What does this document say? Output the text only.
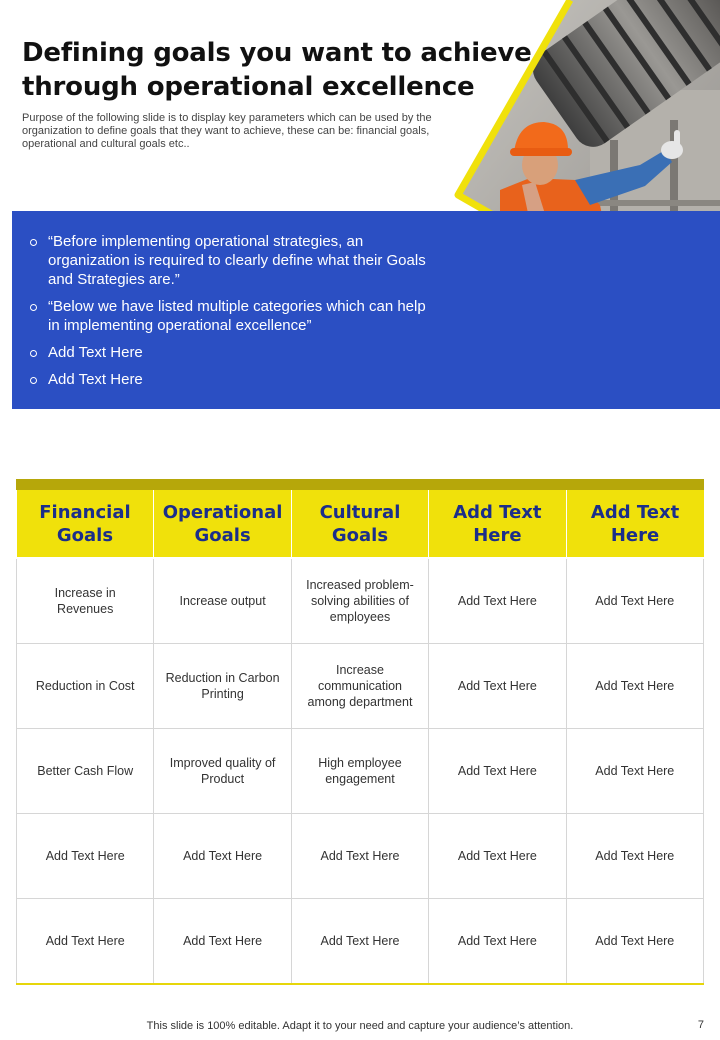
Defining goals you want to achieve through operational excellence

Purpose of the following slide is to display key parameters which can be used by the organization to define goals that they want to achieve, these can be: financial goals, operational and cultural goals etc..

“Before implementing operational strategies, an organization is required to clearly define what their Goals and Strategies are.”
“Below we have listed multiple categories which can help in implementing operational excellence”
Add Text Here
Add Text Here
Financial Goals	Operational Goals	Cultural Goals	Add Text Here	Add Text Here
Increase in Revenues	Increase output	Increased problem-solving abilities of employees	Add Text Here	Add Text Here
Reduction in Cost	Reduction in Carbon Printing	Increase communication among department	Add Text Here	Add Text Here
Better Cash Flow	Improved quality of Product	High employee engagement	Add Text Here	Add Text Here
Add Text Here	Add Text Here	Add Text Here	Add Text Here	Add Text Here
Add Text Here	Add Text Here	Add Text Here	Add Text Here	Add Text Here
This slide is 100% editable. Adapt it to your need and capture your audience’s attention.	7
